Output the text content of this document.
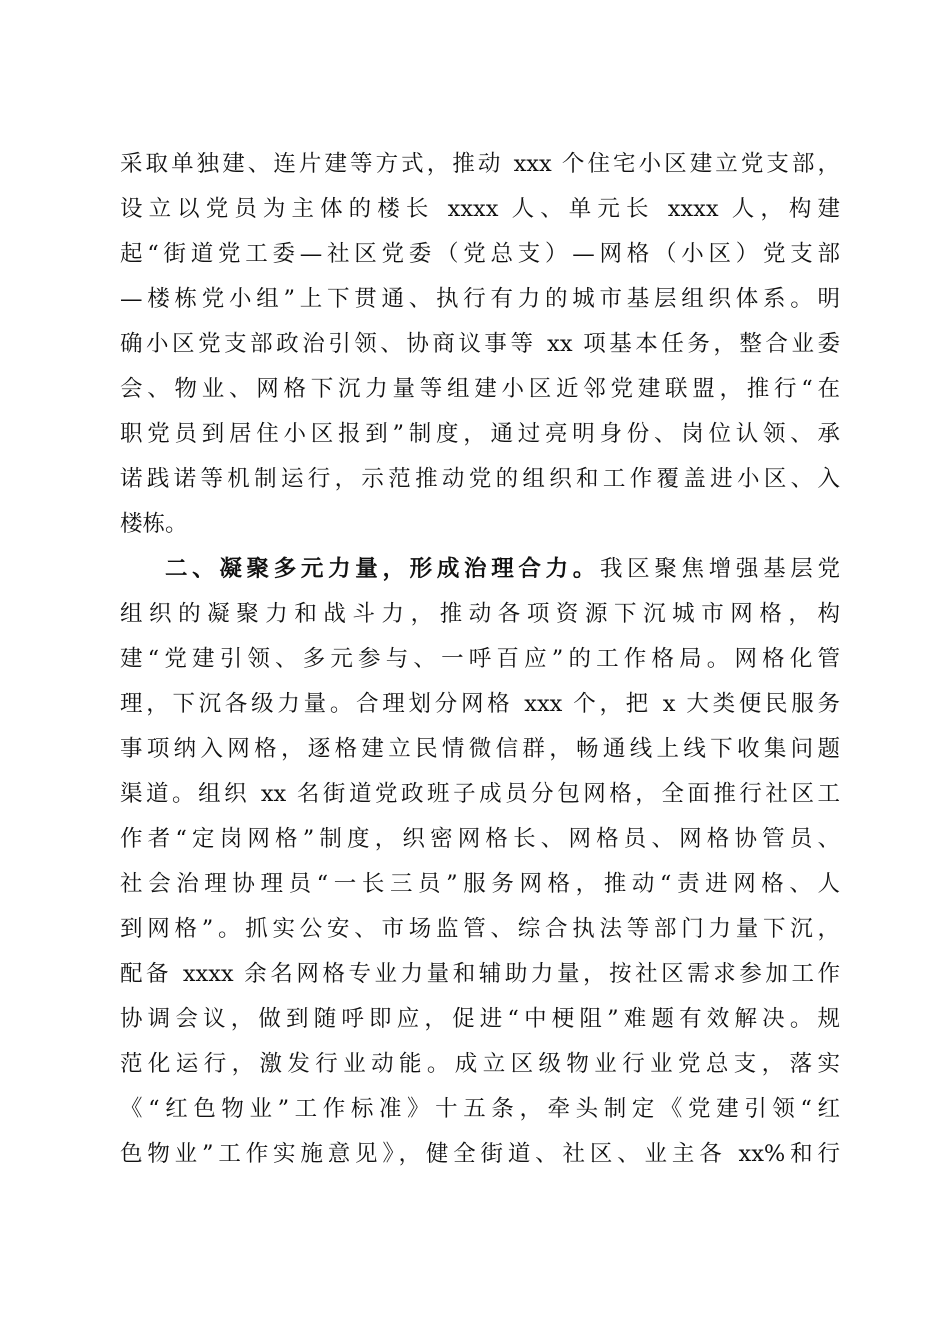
采取单独建、连片建等方式，推动 xxx 个住宅小区建立党支部，
设立以党员为主体的楼长 xxxx 人、单元长 xxxx 人，构建
起“街道党工委—社区党委（党总支）—网格（小区）党支部
—楼栋党小组”上下贯通、执行有力的城市基层组织体系。明
确小区党支部政治引领、协商议事等 xx 项基本任务，整合业委
会、物业、网格下沉力量等组建小区近邻党建联盟，推行“在
职党员到居住小区报到”制度，通过亮明身份、岗位认领、承
诺践诺等机制运行，示范推动党的组织和工作覆盖进小区、入
楼栋。
二、凝聚多元力量，形成治理合力。我区聚焦增强基层党
组织的凝聚力和战斗力，推动各项资源下沉城市网格，构
建“党建引领、多元参与、一呼百应”的工作格局。网格化管
理，下沉各级力量。合理划分网格 xxx 个，把 x 大类便民服务
事项纳入网格，逐格建立民情微信群，畅通线上线下收集问题
渠道。组织 xx 名街道党政班子成员分包网格，全面推行社区工
作者“定岗网格”制度，织密网格长、网格员、网格协管员、
社会治理协理员“一长三员”服务网格，推动“责进网格、人
到网格”。抓实公安、市场监管、综合执法等部门力量下沉，
配备 xxxx 余名网格专业力量和辅助力量，按社区需求参加工作
协调会议，做到随呼即应，促进“中梗阻”难题有效解决。规
范化运行，激发行业动能。成立区级物业行业党总支，落实
《“红色物业”工作标准》十五条，牵头制定《党建引领“红
色物业”工作实施意见》，健全街道、社区、业主各 xx%和行
